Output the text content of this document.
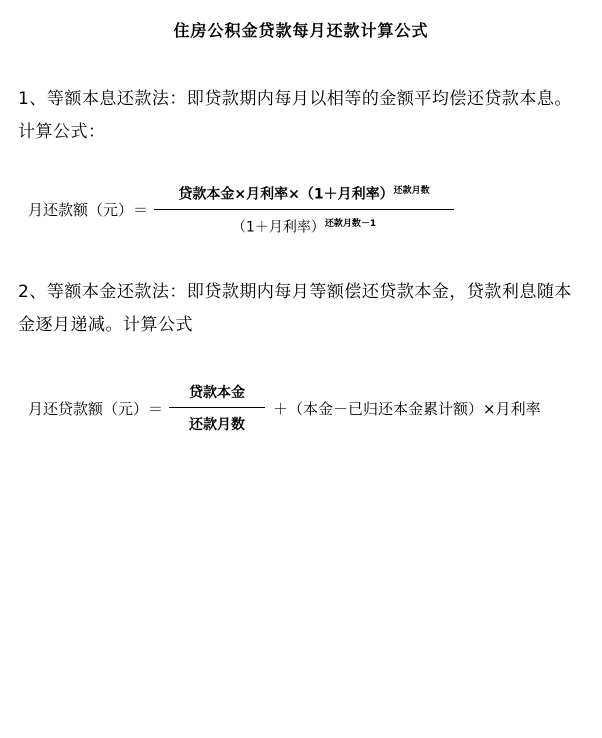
住房公积金贷款每月还款计算公式

1、等额本息还款法：即贷款期内每月以相等的金额平均偿还贷款本息。计算公式：

月还款额（元）＝ $\frac{贷款本金\times 月利率\times(1+月利率)^{还款月数}}{(1+月利率)^{还款月数-1}}$

2、等额本金还款法：即贷款期内每月等额偿还贷款本金，贷款利息随本金逐月递减。计算公式

月还贷款额（元）＝ $\frac{\text{贷款本金}}{\text{还款月数}}$ ＋（本金－已归还本金累计额）×月利率
